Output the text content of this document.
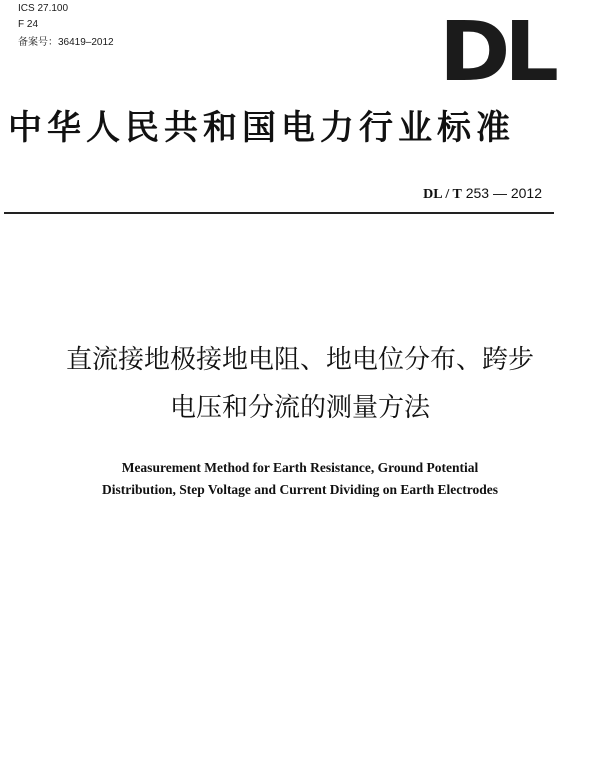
ICS 27.100
F 24
备案号：36419–2012	DL
中华人民共和国电力行业标准
DL / T 253 — 2012
直流接地极接地电阻、地电位分布、跨步
电压和分流的测量方法
Measurement Method for Earth Resistance, Ground Potential
Distribution, Step Voltage and Current Dividing on Earth Electrodes
